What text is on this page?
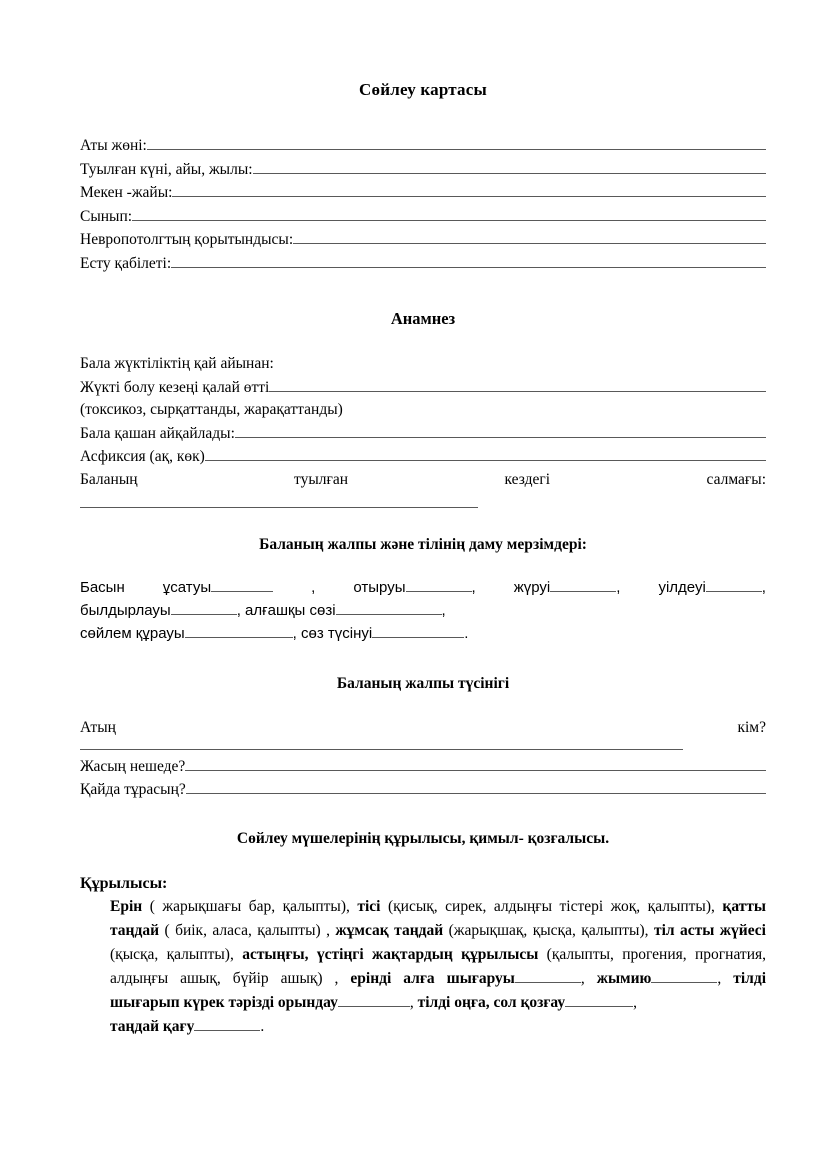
Сөйлеу картасы
Аты жөні:
Туылған күні, айы, жылы:
Мекен -жайы:
Сынып:
Невропотолгтың қорытындысы:
Есту қабілеті:
Анамнез
Бала жүктіліктің қай айынан:
Жүкті болу кезеңі қалай өтті
(токсикоз, сырқаттанды, жарақаттанды)
Бала қашан айқайлады:
Асфиксия (ақ, көк)
Баланың	туылған	кездегі	салмағы:
Баланың жалпы және тілінің даму мерзімдері:
Басын	ұсатуы	,	отыруы	,	жүруі	,	уілдеуі	,
былдырлауы	, алғашқы сөзі	,
сөйлем құрауы	, сөз түсінуі	.
Баланың жалпы түсінігі
Атың	кім?
Жасың нешеде?
Қайда тұрасың?
Сөйлеу мүшелерінің құрылысы, қимыл- қозғалысы.
Құрылысы:
Ерін ( жарықшағы бар, қалыпты), тісі (қисық, сирек, алдыңғы тістері жоқ, қалыпты), қатты таңдай ( биік, аласа, қалыпты) , жұмсақ таңдай (жарықшақ, қысқа, қалыпты), тіл асты жүйесі (қысқа, қалыпты), астыңғы, үстіңгі жақтардың құрылысы (қалыпты, прогения, прогнатия, алдыңғы ашық, бүйір ашық) , ерінді алға шығаруы	, жымию	, тілді шығарып күрек тәрізді орындау	, тілді оңға, сол қозғау	,
таңдай қағу	.
